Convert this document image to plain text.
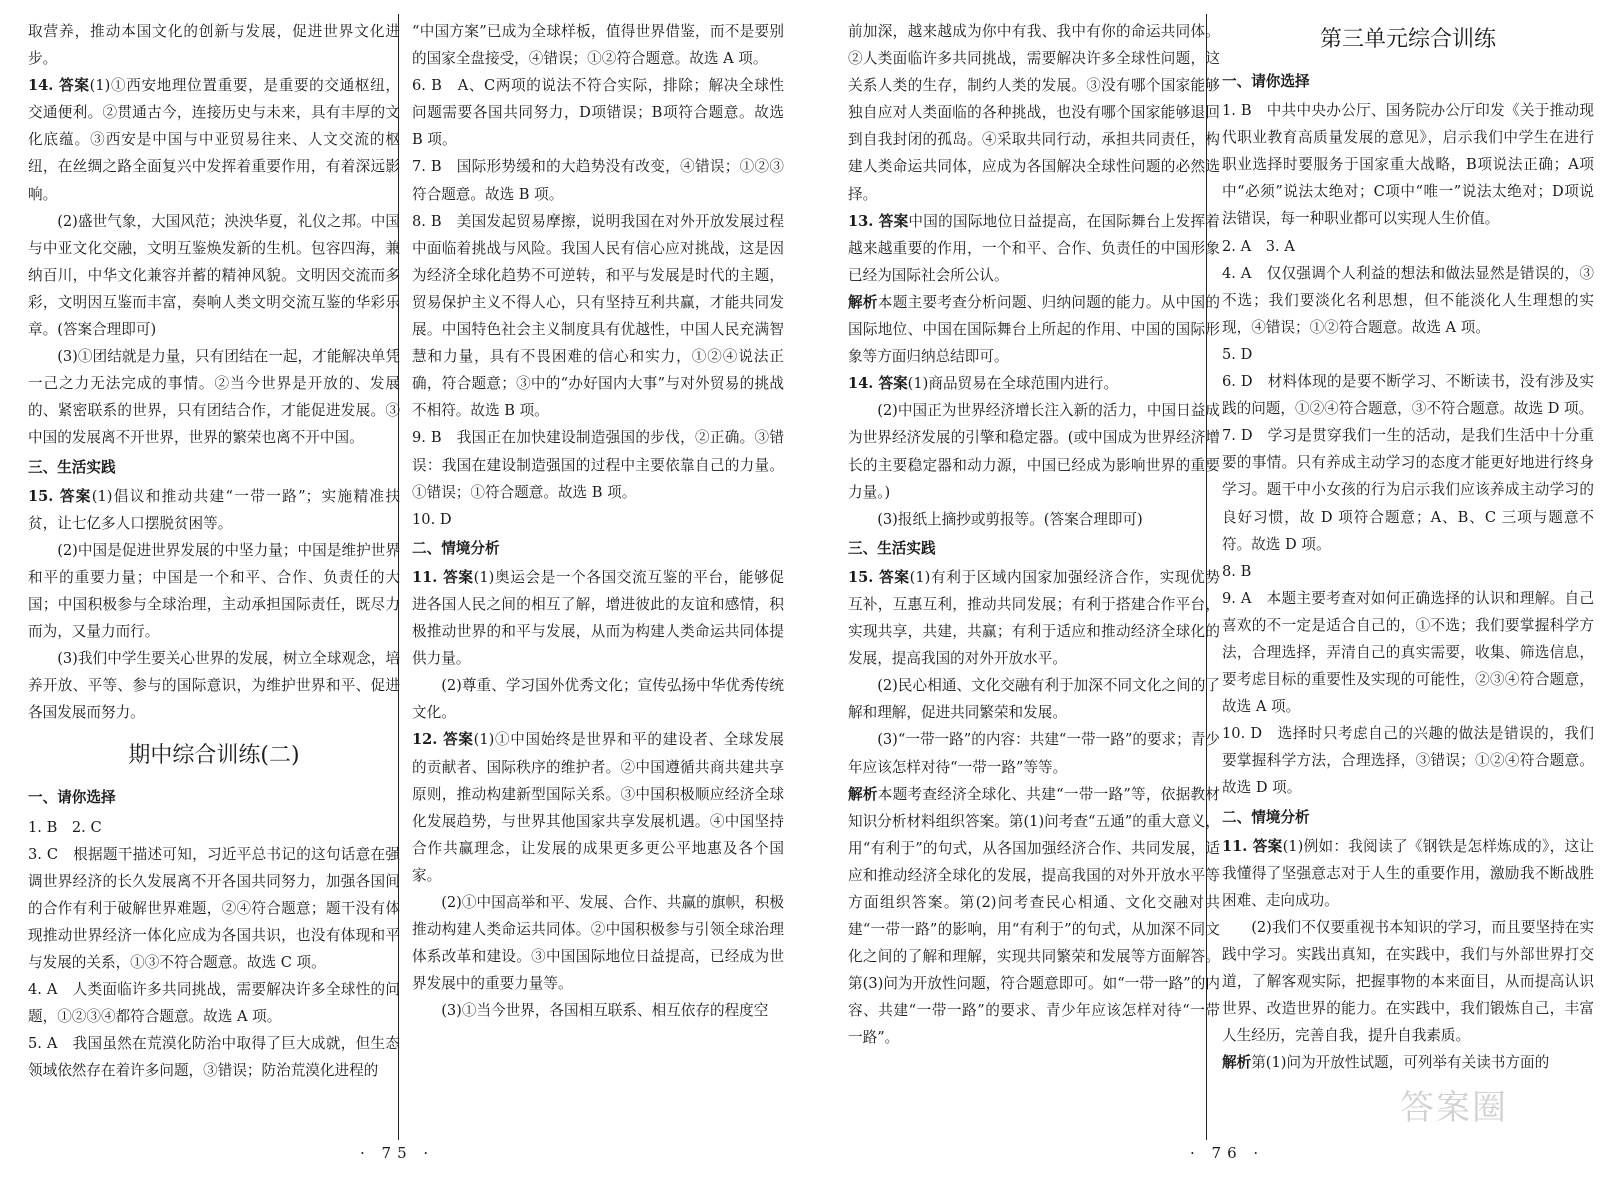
取营养，推动本国文化的创新与发展，促进世界文化进步。

14. 答案(1)①西安地理位置重要，是重要的交通枢纽，交通便利。②贯通古今，连接历史与未来，具有丰厚的文化底蕴。③西安是中国与中亚贸易往来、人文交流的枢纽，在丝绸之路全面复兴中发挥着重要作用，有着深远影响。

(2)盛世气象，大国风范；泱泱华夏，礼仪之邦。中国与中亚文化交融，文明互鉴焕发新的生机。包容四海，兼纳百川，中华文化兼容并蓄的精神风貌。文明因交流而多彩，文明因互鉴而丰富，奏响人类文明交流互鉴的华彩乐章。(答案合理即可)

(3)①团结就是力量，只有团结在一起，才能解决单凭一己之力无法完成的事情。②当今世界是开放的、发展的、紧密联系的世界，只有团结合作，才能促进发展。③中国的发展离不开世界，世界的繁荣也离不开中国。

三、生活实践

15. 答案(1)倡议和推动共建“一带一路”；实施精准扶贫，让七亿多人口摆脱贫困等。

(2)中国是促进世界发展的中坚力量；中国是维护世界和平的重要力量；中国是一个和平、合作、负责任的大国；中国积极参与全球治理，主动承担国际责任，既尽力而为，又量力而行。

(3)我们中学生要关心世界的发展，树立全球观念，培养开放、平等、参与的国际意识，为维护世界和平、促进各国发展而努力。

期中综合训练(二)

一、请你选择

1. B　2. C

3. C　根据题干描述可知，习近平总书记的这句话意在强调世界经济的长久发展离不开各国共同努力，加强各国间的合作有利于破解世界难题，②④符合题意；题干没有体现推动世界经济一体化应成为各国共识，也没有体现和平与发展的关系，①③不符合题意。故选 C 项。

4. A　人类面临许多共同挑战，需要解决许多全球性的问题，①②③④都符合题意。故选 A 项。

5. A　我国虽然在荒漠化防治中取得了巨大成就，但生态领域依然存在着许多问题，③错误；防治荒漠化进程的

“中国方案”已成为全球样板，值得世界借鉴，而不是要别的国家全盘接受，④错误；①②符合题意。故选 A 项。

6. B　A、C两项的说法不符合实际，排除；解决全球性问题需要各国共同努力，D项错误；B项符合题意。故选 B 项。

7. B　国际形势缓和的大趋势没有改变，④错误；①②③符合题意。故选 B 项。

8. B　美国发起贸易摩擦，说明我国在对外开放发展过程中面临着挑战与风险。我国人民有信心应对挑战，这是因为经济全球化趋势不可逆转，和平与发展是时代的主题，贸易保护主义不得人心，只有坚持互利共赢，才能共同发展。中国特色社会主义制度具有优越性，中国人民充满智慧和力量，具有不畏困难的信心和实力，①②④说法正确，符合题意；③中的“办好国内大事”与对外贸易的挑战不相符。故选 B 项。

9. B　我国正在加快建设制造强国的步伐，②正确。③错误：我国在建设制造强国的过程中主要依靠自己的力量。①错误；①符合题意。故选 B 项。

10. D

二、情境分析

11. 答案(1)奥运会是一个各国交流互鉴的平台，能够促进各国人民之间的相互了解，增进彼此的友谊和感情，积极推动世界的和平与发展，从而为构建人类命运共同体提供力量。

(2)尊重、学习国外优秀文化；宣传弘扬中华优秀传统文化。

12. 答案(1)①中国始终是世界和平的建设者、全球发展的贡献者、国际秩序的维护者。②中国遵循共商共建共享原则，推动构建新型国际关系。③中国积极顺应经济全球化发展趋势，与世界其他国家共享发展机遇。④中国坚持合作共赢理念，让发展的成果更多更公平地惠及各个国家。

(2)①中国高举和平、发展、合作、共赢的旗帜，积极推动构建人类命运共同体。②中国积极参与引领全球治理体系改革和建设。③中国国际地位日益提高，已经成为世界发展中的重要力量等。

(3)①当今世界，各国相互联系、相互依存的程度空

· 75 ·

前加深，越来越成为你中有我、我中有你的命运共同体。②人类面临许多共同挑战，需要解决许多全球性问题，这关系人类的生存，制约人类的发展。③没有哪个国家能够独自应对人类面临的各种挑战，也没有哪个国家能够退回到自我封闭的孤岛。④采取共同行动，承担共同责任，构建人类命运共同体，应成为各国解决全球性问题的必然选择。

13. 答案中国的国际地位日益提高，在国际舞台上发挥着越来越重要的作用，一个和平、合作、负责任的中国形象已经为国际社会所公认。

解析本题主要考查分析问题、归纳问题的能力。从中国的国际地位、中国在国际舞台上所起的作用、中国的国际形象等方面归纳总结即可。

14. 答案(1)商品贸易在全球范围内进行。

(2)中国正为世界经济增长注入新的活力，中国日益成为世界经济发展的引擎和稳定器。(或中国成为世界经济增长的主要稳定器和动力源，中国已经成为影响世界的重要力量。)

(3)报纸上摘抄或剪报等。(答案合理即可)

三、生活实践

15. 答案(1)有利于区域内国家加强经济合作，实现优势互补，互惠互利，推动共同发展；有利于搭建合作平台，实现共享，共建，共赢；有利于适应和推动经济全球化的发展，提高我国的对外开放水平。

(2)民心相通、文化交融有利于加深不同文化之间的了解和理解，促进共同繁荣和发展。

(3)“一带一路”的内容：共建“一带一路”的要求；青少年应该怎样对待“一带一路”等等。

解析本题考查经济全球化、共建“一带一路”等，依据教材知识分析材料组织答案。第(1)问考查“五通”的重大意义，用“有利于”的句式，从各国加强经济合作、共同发展，适应和推动经济全球化的发展，提高我国的对外开放水平等方面组织答案。第(2)问考查民心相通、文化交融对共建“一带一路”的影响，用“有利于”的句式，从加深不同文化之间的了解和理解，实现共同繁荣和发展等方面解答。第(3)问为开放性问题，符合题意即可。如“一带一路”的内容、共建“一带一路”的要求、青少年应该怎样对待“一带一路”。

第三单元综合训练

一、请你选择

1. B　中共中央办公厅、国务院办公厅印发《关于推动现代职业教育高质量发展的意见》，启示我们中学生在进行职业选择时要服务于国家重大战略，B项说法正确；A项中“必须”说法太绝对；C项中“唯一”说法太绝对；D项说法错误，每一种职业都可以实现人生价值。

2. A　3. A

4. A　仅仅强调个人利益的想法和做法显然是错误的，③不选；我们要淡化名利思想，但不能淡化人生理想的实现，④错误；①②符合题意。故选 A 项。

5. D

6. D　材料体现的是要不断学习、不断读书，没有涉及实践的问题，①②④符合题意，③不符合题意。故选 D 项。

7. D　学习是贯穿我们一生的活动，是我们生活中十分重要的事情。只有养成主动学习的态度才能更好地进行终身学习。题干中小女孩的行为启示我们应该养成主动学习的良好习惯，故 D 项符合题意；A、B、C 三项与题意不符。故选 D 项。

8. B

9. A　本题主要考查对如何正确选择的认识和理解。自己喜欢的不一定是适合自己的，①不选；我们要掌握科学方法，合理选择，弄清自己的真实需要，收集、筛选信息，要考虑目标的重要性及实现的可能性，②③④符合题意，故选 A 项。

10. D　选择时只考虑自己的兴趣的做法是错误的，我们要掌握科学方法，合理选择，③错误；①②④符合题意。故选 D 项。

二、情境分析

11. 答案(1)例如：我阅读了《钢铁是怎样炼成的》，这让我懂得了坚强意志对于人生的重要作用，激励我不断战胜困难、走向成功。

(2)我们不仅要重视书本知识的学习，而且要坚持在实践中学习。实践出真知，在实践中，我们与外部世界打交道，了解客观实际，把握事物的本来面目，从而提高认识世界、改造世界的能力。在实践中，我们锻炼自己，丰富人生经历，完善自我，提升自我素质。

解析第(1)问为开放性试题，可列举有关读书方面的

· 76 ·
答案圈
